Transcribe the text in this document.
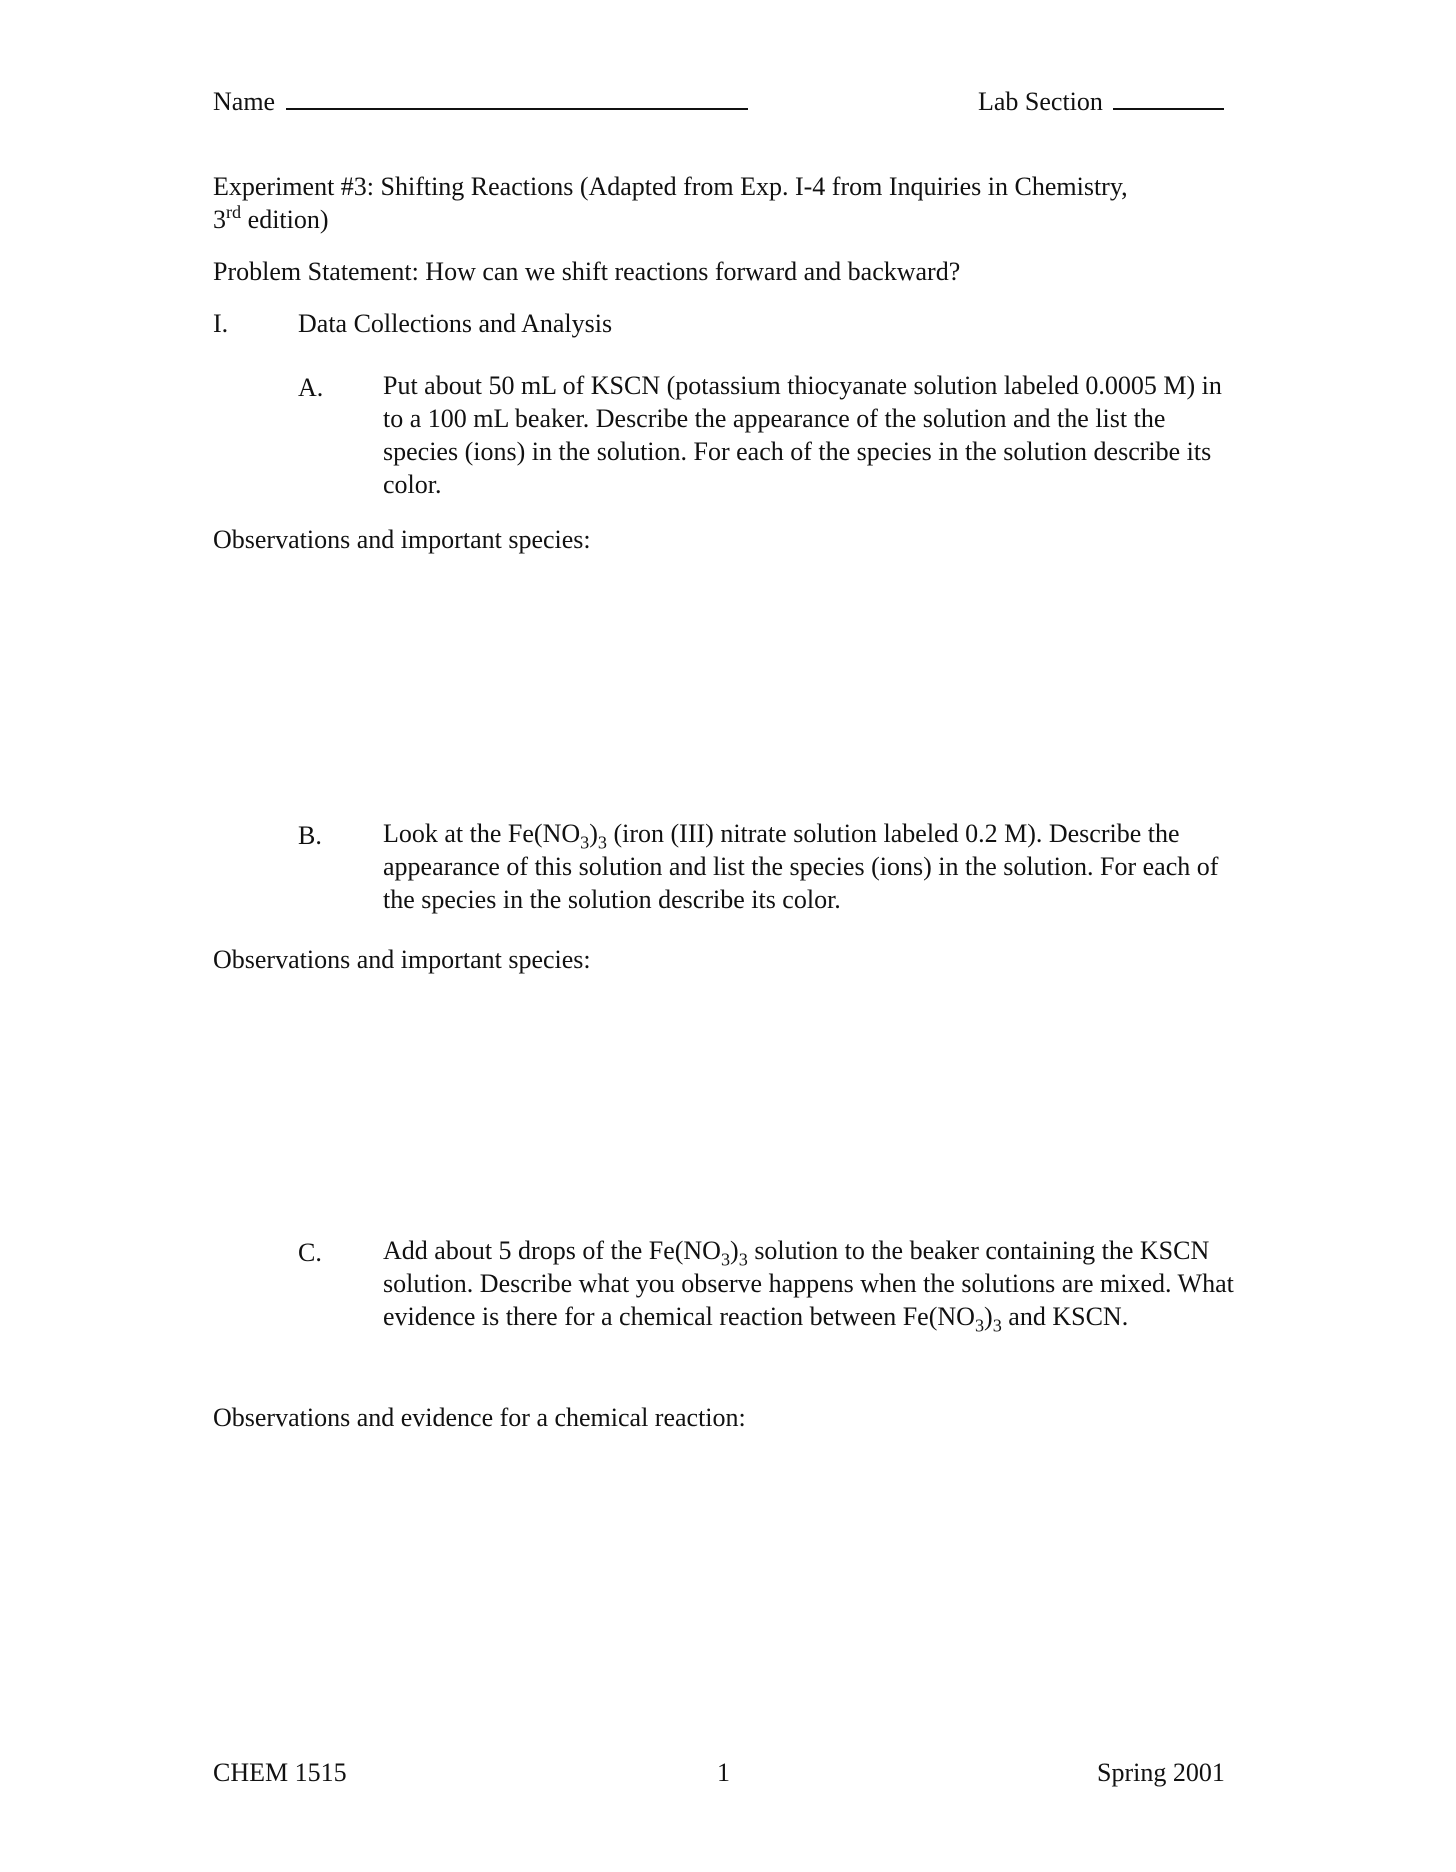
Name	Lab Section
Experiment #3: Shifting Reactions (Adapted from Exp. I-4 from Inquiries in Chemistry,
3rd edition)
Problem Statement: How can we shift reactions forward and backward?
I.	Data Collections and Analysis
A. Put about 50 mL of KSCN (potassium thiocyanate solution labeled 0.0005 M) in to a 100 mL beaker. Describe the appearance of the solution and the list the species (ions) in the solution. For each of the species in the solution describe its color.
Observations and important species:
B. Look at the $Fe(NO_3)_3$ (iron (III) nitrate solution labeled 0.2 M). Describe the appearance of this solution and list the species (ions) in the solution. For each of the species in the solution describe its color.
Observations and important species:
C. Add about 5 drops of the $Fe(NO_3)_3$ solution to the beaker containing the KSCN solution. Describe what you observe happens when the solutions are mixed. What evidence is there for a chemical reaction between $Fe(NO_3)_3$ and KSCN.
Observations and evidence for a chemical reaction:
CHEM 1515	1	Spring 2001
